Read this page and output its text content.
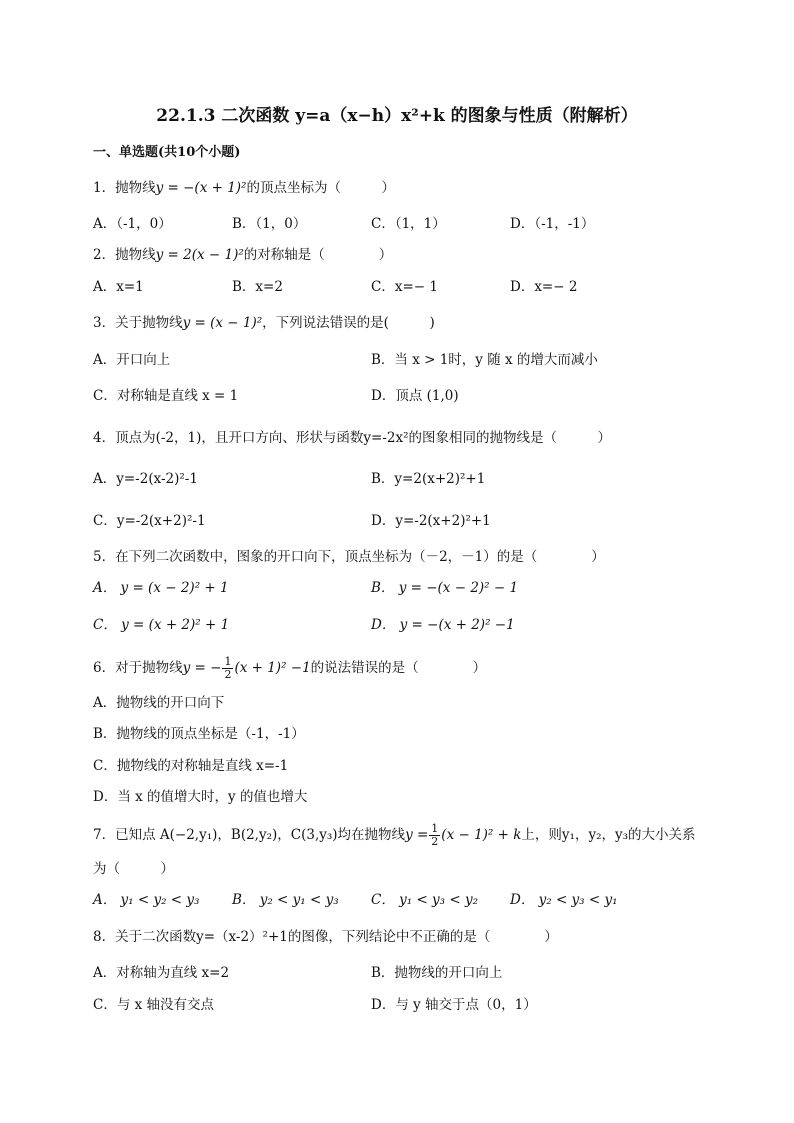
22.1.3 二次函数 y=a（x−h）x²+k 的图象与性质（附解析）
一、单选题(共10个小题)
1．抛物线y = −(x + 1)²的顶点坐标为（　　　）
A．（-1，0）	B．（1，0）	C．（1，1）	D．（-1，-1）
2．抛物线y = 2(x − 1)²的对称轴是（　　　　）
A．x=1	B．x=2	C．x=− 1	D．x=− 2
3．关于抛物线y = (x − 1)²，下列说法错误的是(　　　)
A．开口向上	B．当 x > 1时，y 随 x 的增大而减小
C．对称轴是直线 x = 1	D．顶点 (1,0)
4．顶点为(-2，1)，且开口方向、形状与函数y=-2x²的图象相同的抛物线是（　　　）
A．y=-2(x-2)²-1	B．y=2(x+2)²+1
C．y=-2(x+2)²-1	D．y=-2(x+2)²+1
5．在下列二次函数中，图象的开口向下，顶点坐标为（－2，－1）的是（　　　　）
A． y = (x − 2)² + 1	B． y = −(x − 2)² − 1
C． y = (x + 2)² + 1	D． y = −(x + 2)² −1
6．对于抛物线y = − $\frac{1}{2} (x + 1)^2 -1$的说法错误的是（　　　　）
A．抛物线的开口向下
B．抛物线的顶点坐标是（-1，-1）
C．抛物线的对称轴是直线 x=-1
D．当 x 的值增大时，y 的值也增大
7．已知点 A(−2,y₁)，B(2,y₂)，C(3,y₃)均在抛物线$y = \frac{1}{2} (x - 1)^2 + k$上，则y₁，y₂，y₃的大小关系
为（　　　）
A． y₁ < y₂ < y₃ B． y₂ < y₁ < y₃ C． y₁ < y₃ < y₂ D． y₂ < y₃ < y₁
8．关于二次函数y=（x-2）²+1的图像，下列结论中不正确的是（　　　　）
A．对称轴为直线 x=2	B．抛物线的开口向上
C．与 x 轴没有交点	D．与 y 轴交于点（0，1）
